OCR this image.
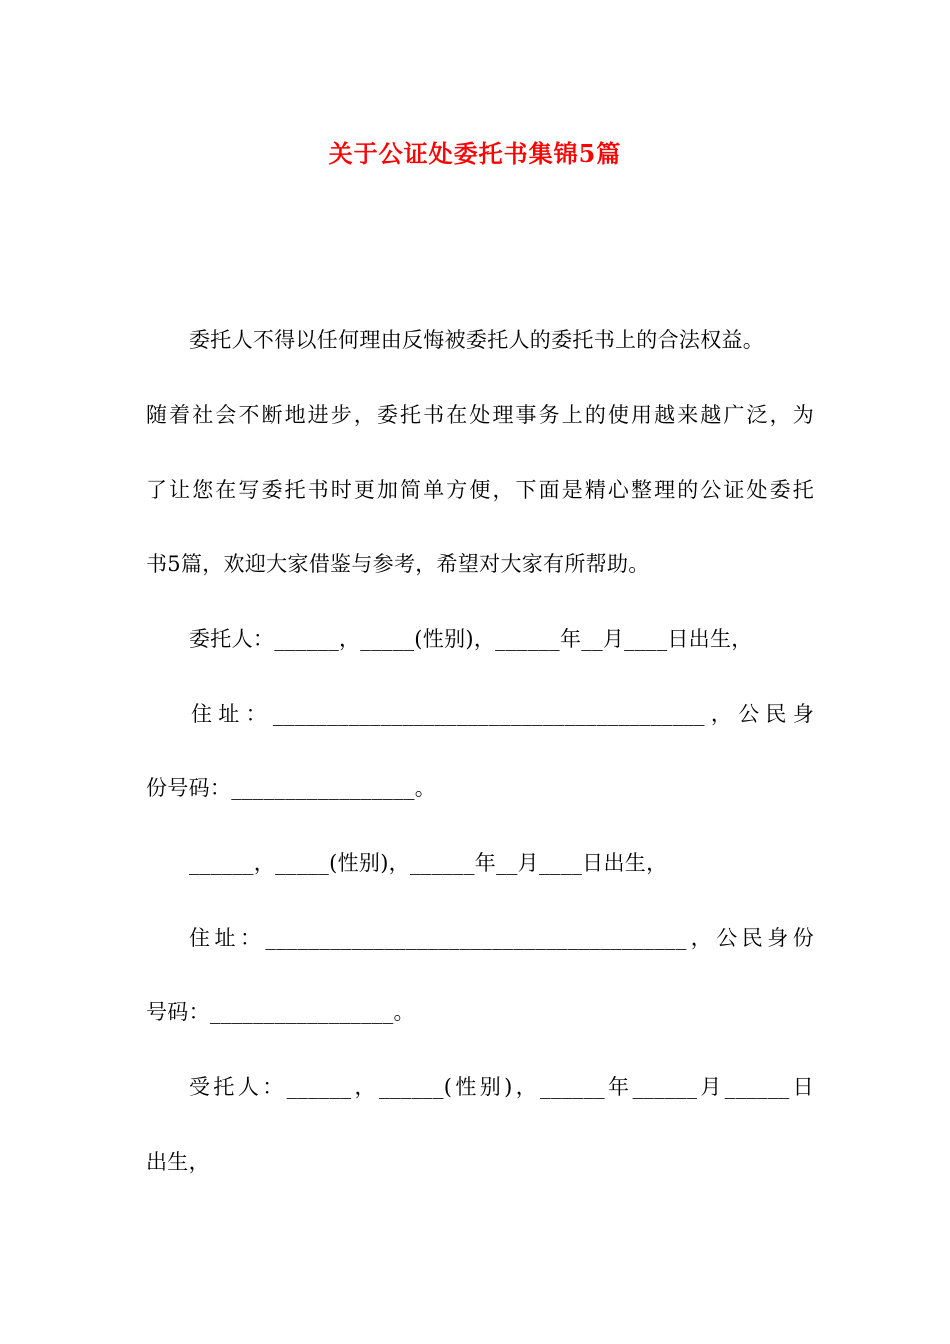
关于公证处委托书集锦5篇
委托人不得以任何理由反悔被委托人的委托书上的合法权益。
随着社会不断地进步，委托书在处理事务上的使用越来越广泛，为
了让您在写委托书时更加简单方便，下面是精心整理的公证处委托
书5篇，欢迎大家借鉴与参考，希望对大家有所帮助。
委托人：______，_____(性别)，______年__月____日出生，
住址：________________________________________，公民身
份号码：_________________。
______，_____(性别)，______年__月____日出生，
住址：_______________________________________，公民身份
号码：_________________。
受托人：______，______(性别)，______年______月______日
出生，
